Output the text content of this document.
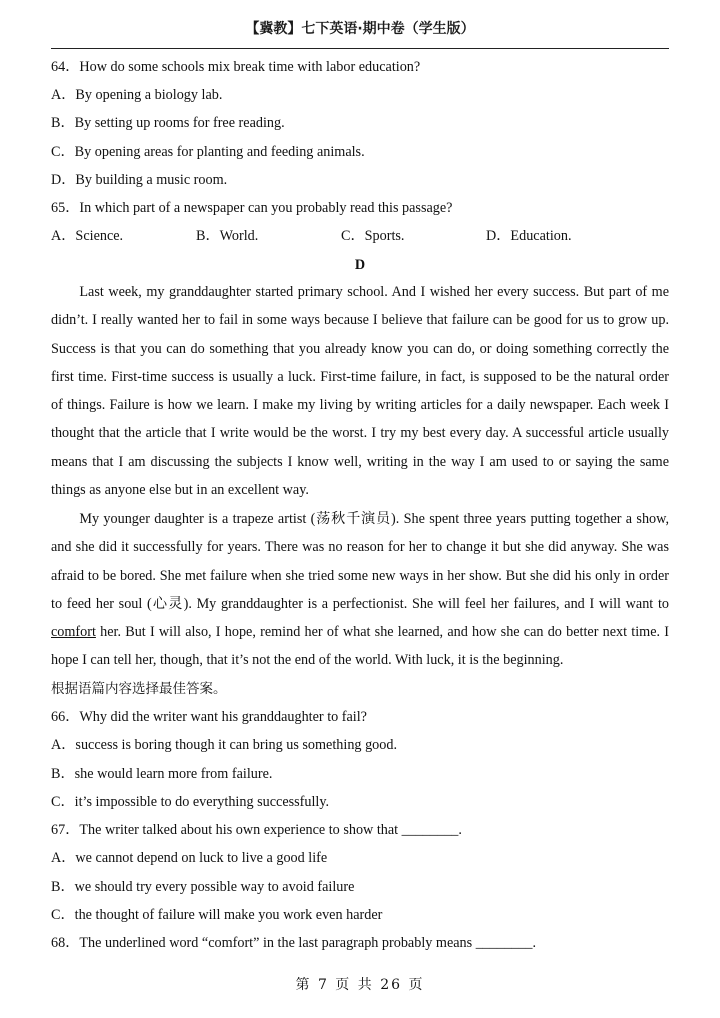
【冀教】七下英语·期中卷（学生版）
64．How do some schools mix break time with labor education?
A．By opening a biology lab.
B．By setting up rooms for free reading.
C．By opening areas for planting and feeding animals.
D．By building a music room.
65．In which part of a newspaper can you probably read this passage?
A．Science.	B．World.	C．Sports.	D．Education.
D
Last week, my granddaughter started primary school. And I wished her every success. But part of me didn’t. I really wanted her to fail in some ways because I believe that failure can be good for us to grow up. Success is that you can do something that you already know you can do, or doing something correctly the first time. First-time success is usually a luck. First-time failure, in fact, is supposed to be the natural order of things. Failure is how we learn. I make my living by writing articles for a daily newspaper. Each week I thought that the article that I write would be the worst. I try my best every day. A successful article usually means that I am discussing the subjects I know well, writing in the way I am used to or saying the same things as anyone else but in an excellent way.
My younger daughter is a trapeze artist (荡秋千演员). She spent three years putting together a show, and she did it successfully for years. There was no reason for her to change it but she did anyway. She was afraid to be bored. She met failure when she tried some new ways in her show. But she did his only in order to feed her soul (心灵). My granddaughter is a perfectionist. She will feel her failures, and I will want to comfort her. But I will also, I hope, remind her of what she learned, and how she can do better next time. I hope I can tell her, though, that it’s not the end of the world. With luck, it is the beginning.
根据语篇内容选择最佳答案。
66．Why did the writer want his granddaughter to fail?
A．success is boring though it can bring us something good.
B．she would learn more from failure.
C．it’s impossible to do everything successfully.
67．The writer talked about his own experience to show that ________.
A．we cannot depend on luck to live a good life
B．we should try every possible way to avoid failure
C．the thought of failure will make you work even harder
68．The underlined word “comfort” in the last paragraph probably means ________.
第 7 页 共 26 页
